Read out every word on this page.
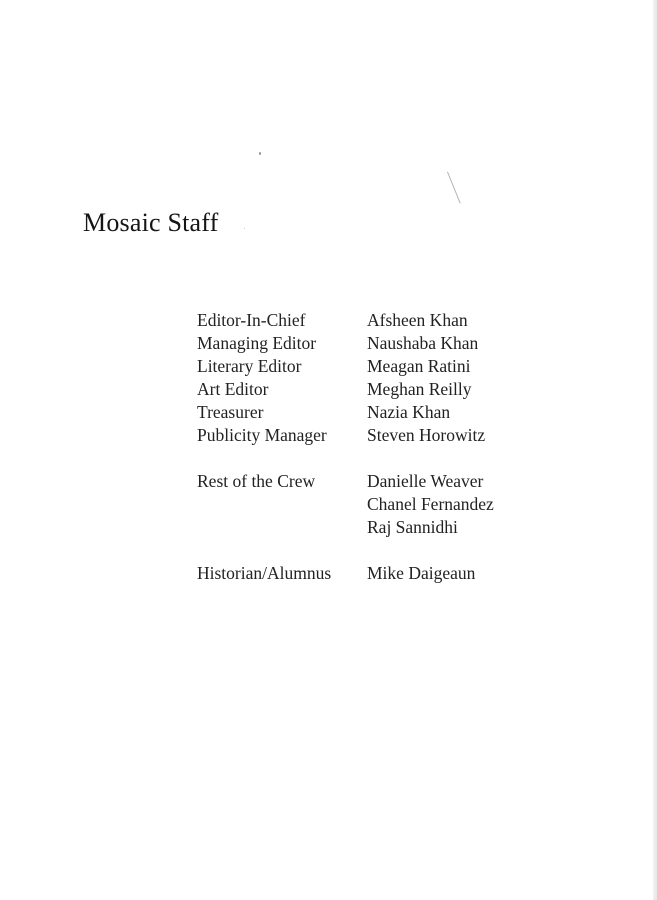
Mosaic Staff
Editor-In-Chief	Afsheen Khan
Managing Editor	Naushaba Khan
Literary Editor	Meagan Ratini
Art Editor	Meghan Reilly
Treasurer	Nazia Khan
Publicity Manager	Steven Horowitz
Rest of the Crew	Danielle Weaver
Chanel Fernandez
Raj Sannidhi
Historian/Alumnus	Mike Daigeaun
